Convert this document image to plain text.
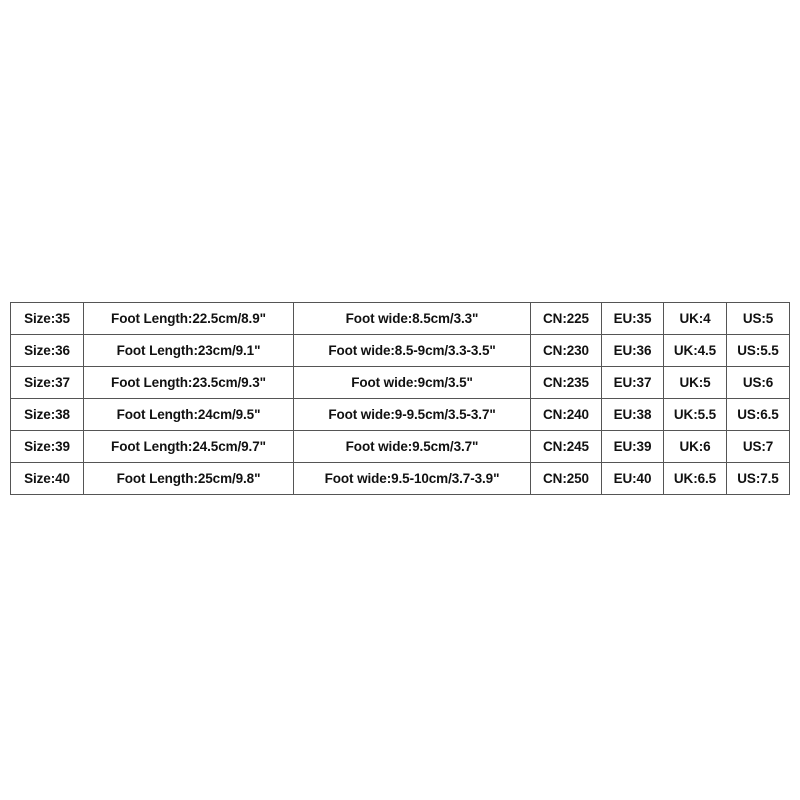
Size:35	Foot Length:22.5cm/8.9"	Foot wide:8.5cm/3.3"	CN:225	EU:35	UK:4	US:5
Size:36	Foot Length:23cm/9.1"	Foot wide:8.5-9cm/3.3-3.5"	CN:230	EU:36	UK:4.5	US:5.5
Size:37	Foot Length:23.5cm/9.3"	Foot wide:9cm/3.5"	CN:235	EU:37	UK:5	US:6
Size:38	Foot Length:24cm/9.5"	Foot wide:9-9.5cm/3.5-3.7"	CN:240	EU:38	UK:5.5	US:6.5
Size:39	Foot Length:24.5cm/9.7"	Foot wide:9.5cm/3.7"	CN:245	EU:39	UK:6	US:7
Size:40	Foot Length:25cm/9.8"	Foot wide:9.5-10cm/3.7-3.9"	CN:250	EU:40	UK:6.5	US:7.5
